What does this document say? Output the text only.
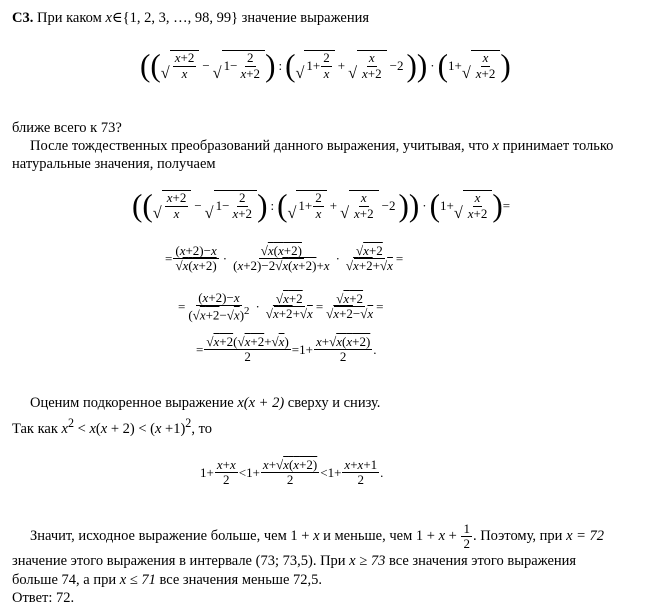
С3. При каком x∈{1, 2, 3, …, 98, 99} значение выражения
(( √
x+2
x
− √ 1−
2
x+2 ) : ( √ 1+
2
x
+ √
x
x+2
−2 )) · ( 1+ √
x
x+2 )
ближе всего к 73?
После тождественных преобразований данного выражения, учитывая, что x принимает только
натуральные значения, получаем
(( √
x+2
x
− √ 1−
2
x+2 ) : ( √ 1+
2
x
+ √
x
x+2
−2 )) · ( 1+ √
x
x+2 ) =
=
(x+2)−x
√x(x+2) ·
√x(x+2)
(x+2)−2√x(x+2)+x ·
√x+2
√x+2+√x =
=
(x+2)−x
$(√x+2-√x)^2$ ·
√x+2
√x+2+√x =
√x+2
√x+2−√x =
=
√x+2(√x+2+√x)
2	=1+
x+√x(x+2)
2 .
Оценим подкоренное выражение x(x + 2) сверху и снизу.
Так как $x^2 < x(x + 2) < (x +1)^2$, то
1+
x+x
2 <1+
x+√x(x+2)
2 <1+
x+x+1
2 .
Значит, исходное выражение больше, чем 1 + x и меньше, чем $1 + x + \frac{1}{2}$ . Поэтому, при x = 72
значение этого выражения в интервале (73; 73,5). При x ≥ 73 все значения этого выражения
больше 74, а при x ≤ 71 все значения меньше 72,5.
Ответ: 72.
